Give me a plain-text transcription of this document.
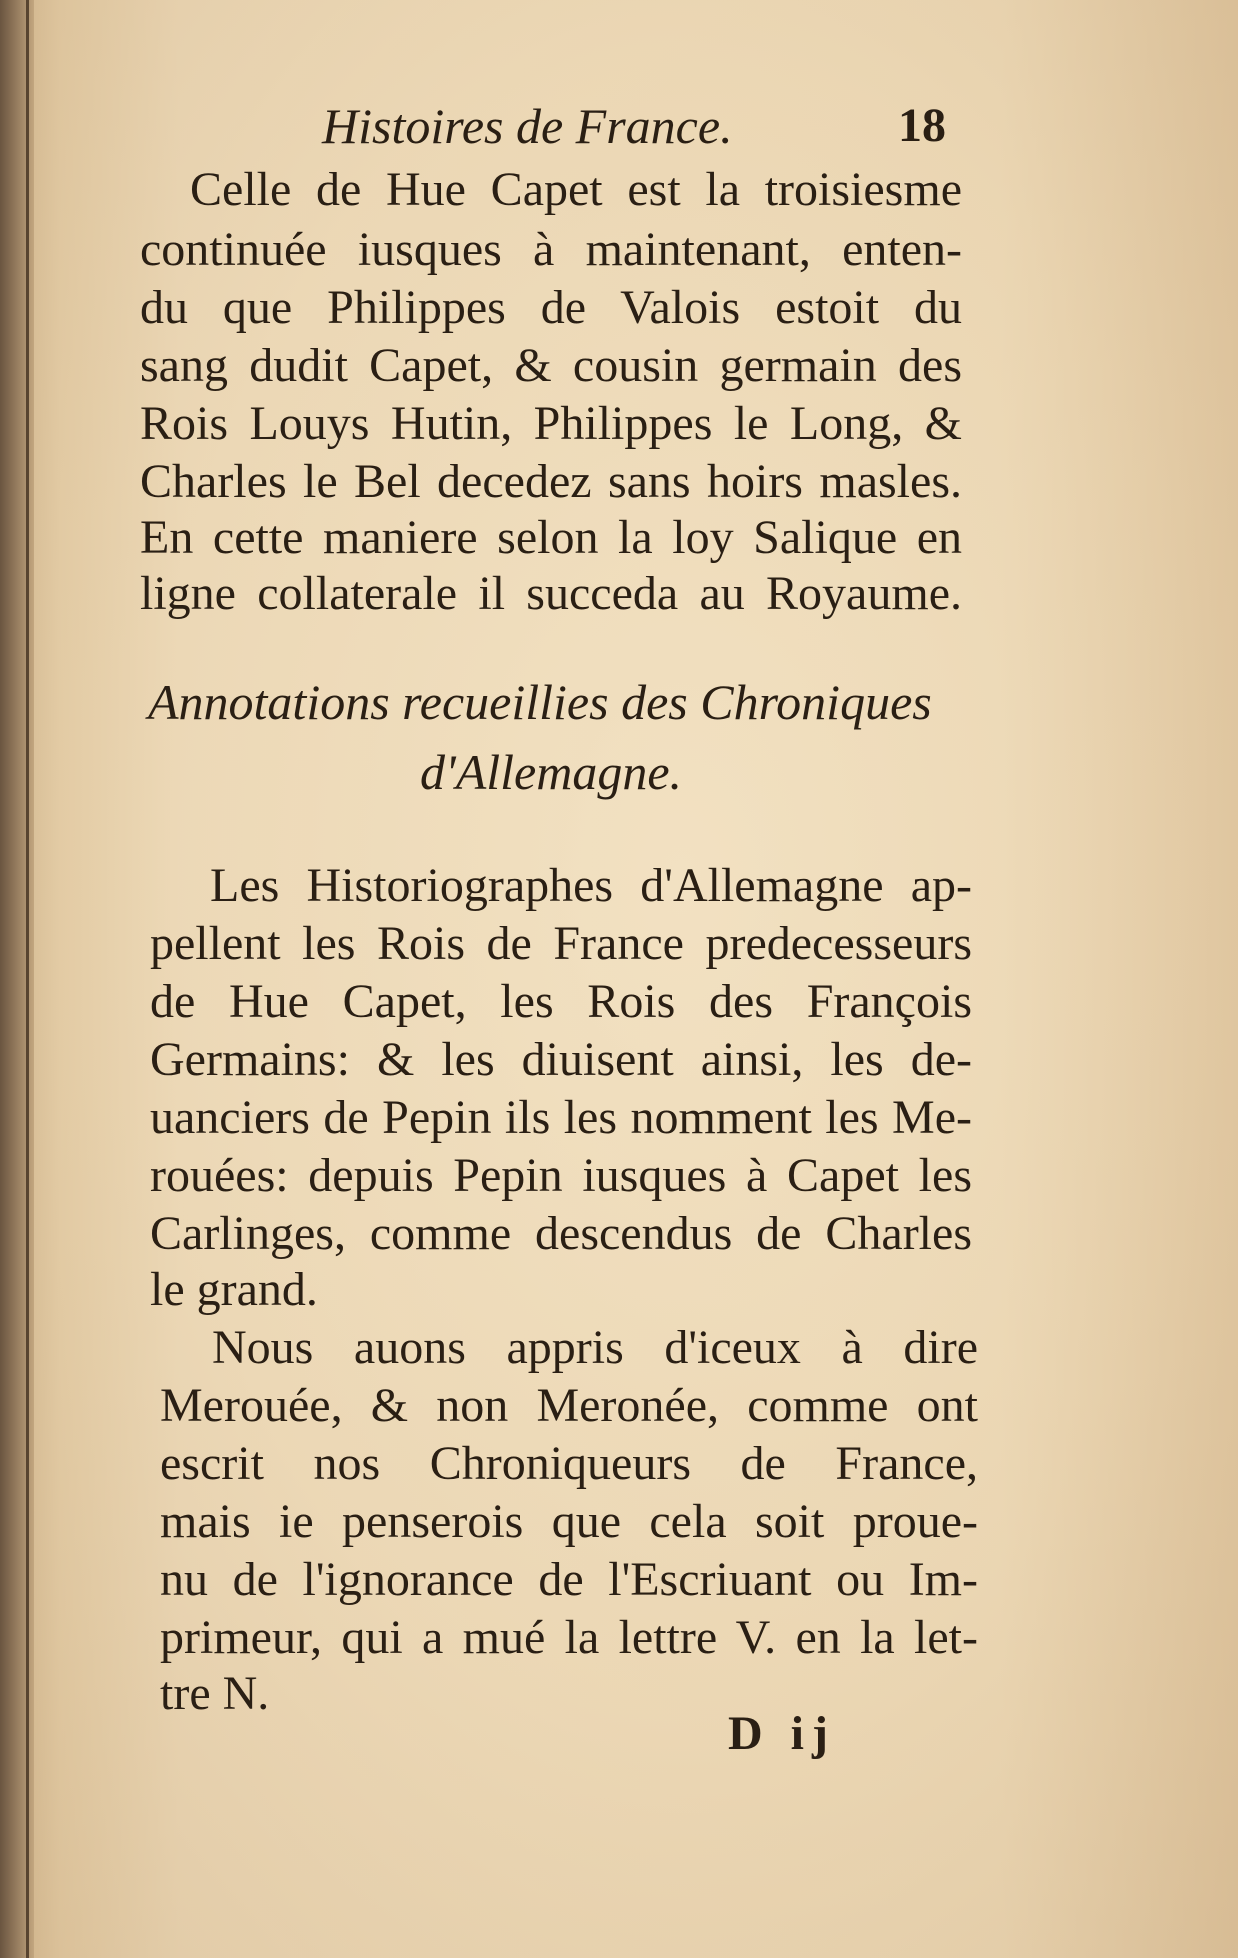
Histoires de France.	18
Celle de Hue Capet est la troisiesme
continuée iusques à maintenant, enten-
du que Philippes de Valois estoit du
sang dudit Capet, & cousin germain des
Rois Louys Hutin, Philippes le Long, &
Charles le Bel decedez sans hoirs masles.
En cette maniere selon la loy Salique en
ligne collaterale il succeda au Royaume.
Annotations recueillies des Chroniques
d'Allemagne.
Les Historiographes d'Allemagne ap-
pellent les Rois de France predecesseurs
de Hue Capet, les Rois des François
Germains: & les diuisent ainsi, les de-
uanciers de Pepin ils les nomment les Me-
rouées: depuis Pepin iusques à Capet les
Carlinges, comme descendus de Charles
le grand.
Nous auons appris d'iceux à dire
Merouée, & non Meronée, comme ont
escrit nos Chroniqueurs de France,
mais ie penserois que cela soit proue-
nu de l'ignorance de l'Escriuant ou Im-
primeur, qui a mué la lettre V. en la let-
tre N.
D ij
